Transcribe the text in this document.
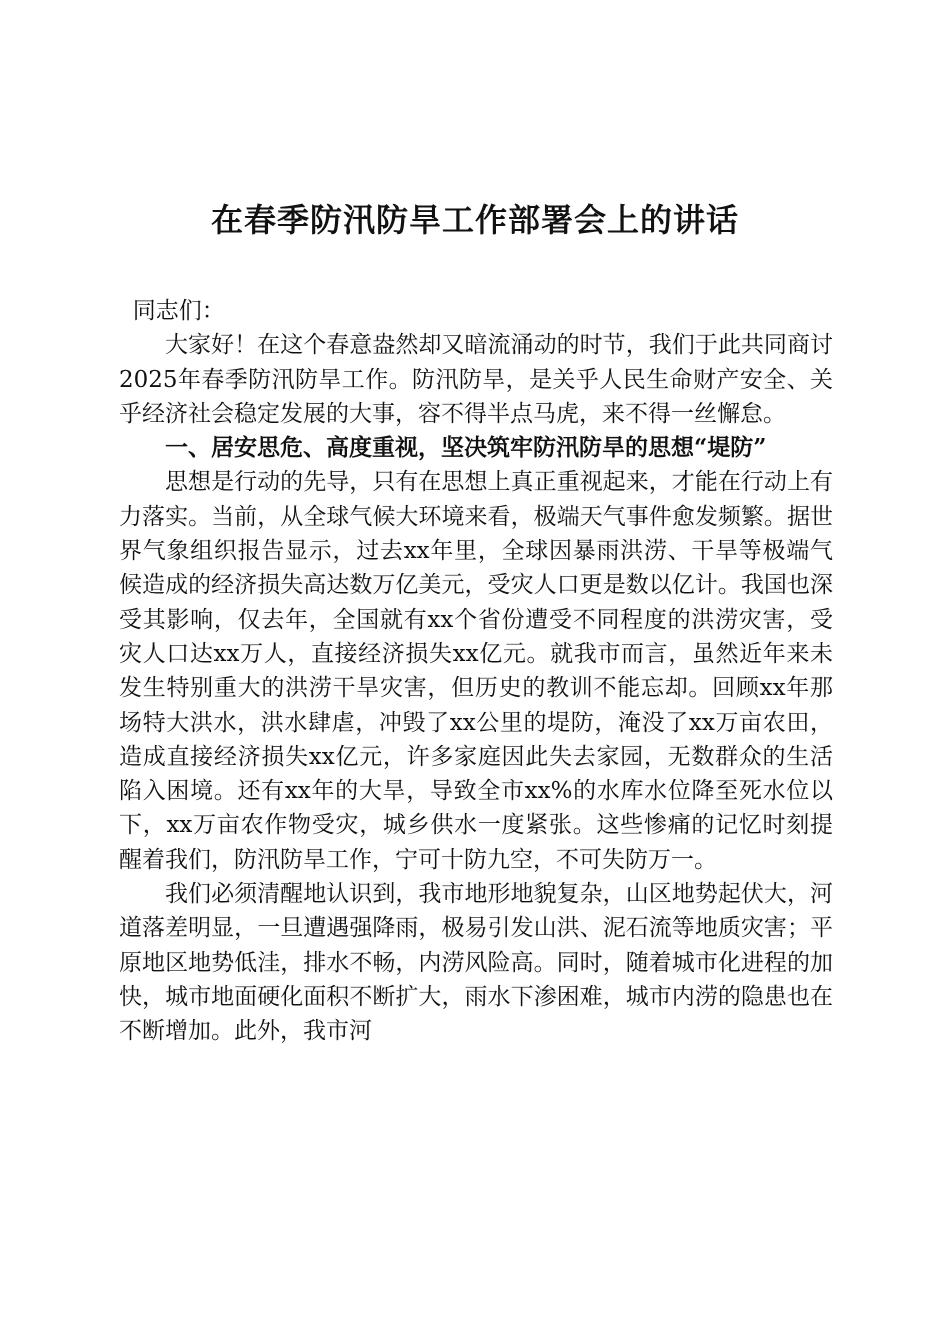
在春季防汛防旱工作部署会上的讲话

同志们：

大家好！在这个春意盎然却又暗流涌动的时节，我们于此共同商讨2025年春季防汛防旱工作。防汛防旱，是关乎人民生命财产安全、关乎经济社会稳定发展的大事，容不得半点马虎，来不得一丝懈怠。

一、居安思危、高度重视，坚决筑牢防汛防旱的思想“堤防”

思想是行动的先导，只有在思想上真正重视起来，才能在行动上有力落实。当前，从全球气候大环境来看，极端天气事件愈发频繁。据世界气象组织报告显示，过去xx年里，全球因暴雨洪涝、干旱等极端气候造成的经济损失高达数万亿美元，受灾人口更是数以亿计。我国也深受其影响，仅去年，全国就有xx个省份遭受不同程度的洪涝灾害，受灾人口达xx万人，直接经济损失xx亿元。就我市而言，虽然近年来未发生特别重大的洪涝干旱灾害，但历史的教训不能忘却。回顾xx年那场特大洪水，洪水肆虐，冲毁了xx公里的堤防，淹没了xx万亩农田，造成直接经济损失xx亿元，许多家庭因此失去家园，无数群众的生活陷入困境。还有xx年的大旱，导致全市xx%的水库水位降至死水位以下，xx万亩农作物受灾，城乡供水一度紧张。这些惨痛的记忆时刻提醒着我们，防汛防旱工作，宁可十防九空，不可失防万一。

我们必须清醒地认识到，我市地形地貌复杂，山区地势起伏大，河道落差明显，一旦遭遇强降雨，极易引发山洪、泥石流等地质灾害；平原地区地势低洼，排水不畅，内涝风险高。同时，随着城市化进程的加快，城市地面硬化面积不断扩大，雨水下渗困难，城市内涝的隐患也在不断增加。此外，我市河
